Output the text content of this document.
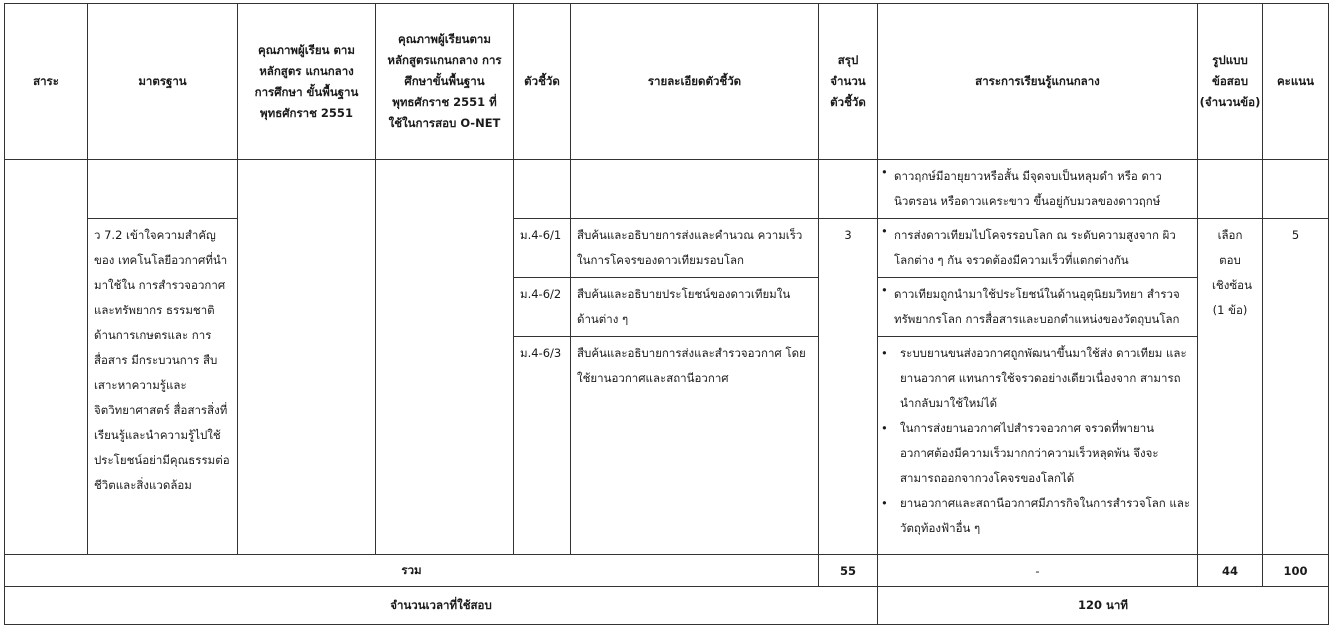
สาระ	มาตรฐาน	คุณภาพผู้เรียน ตามหลักสูตร แกนกลางการศึกษา ขั้นพื้นฐาน พุทธศักราช 2551	คุณภาพผู้เรียนตาม หลักสูตรแกนกลาง การศึกษาขั้นพื้นฐาน พุทธศักราช 2551 ที่ใช้ในการสอบ O-NET	ตัวชี้วัด	รายละเอียดตัวชี้วัด	สรุป จำนวน ตัวชี้วัด	สาระการเรียนรู้แกนกลาง	รูปแบบ ข้อสอบ (จำนวนข้อ)	คะแนน

							• ดาวฤกษ์มีอายุยาวหรือสั้น มีจุดจบเป็นหลุมดำ หรือ ดาวนิวตรอน หรือดาวแคระขาว ขึ้นอยู่กับมวลของดาวฤกษ์

	ว 7.2 เข้าใจความสำคัญของ เทคโนโลยีอวกาศที่นำมาใช้ใน การสำรวจอวกาศและทรัพยากร ธรรมชาติ ด้านการเกษตรและ การสื่อสาร มีกระบวนการ สืบเสาะหาความรู้และ จิตวิทยาศาสตร์ สื่อสารสิ่งที่ เรียนรู้และนำความรู้ไปใช้ ประโยชน์อย่ามีคุณธรรมต่อ ชีวิตและสิ่งแวดล้อม			ม.4-6/1	สืบค้นและอธิบายการส่งและคำนวณ ความเร็วในการโคจรของดาวเทียมรอบโลก	3	• การส่งดาวเทียมไปโคจรรอบโลก ณ ระดับความสูงจาก ผิวโลกต่าง ๆ กัน จรวดต้องมีความเร็วที่แตกต่างกัน	เลือกตอบ เชิงซ้อน (1 ข้อ)	5
				ม.4-6/2	สืบค้นและอธิบายประโยชน์ของดาวเทียมใน ด้านต่าง ๆ		• ดาวเทียมถูกนำมาใช้ประโยชน์ในด้านอุตุนิยมวิทยา สำรวจ ทรัพยากรโลก การสื่อสารและบอกตำแหน่งของวัตถุบนโลก

				ม.4-6/3	สืบค้นและอธิบายการส่งและสำรวจอวกาศ โดยใช้ยานอวกาศและสถานีอวกาศ		• ระบบยานขนส่งอวกาศถูกพัฒนาขึ้นมาใช้ส่ง ดาวเทียม และยานอวกาศ แทนการใช้จรวดอย่างเดียวเนื่องจาก สามารถนำกลับมาใช้ใหม่ได้
• ในการส่งยานอวกาศไปสำรวจอวกาศ จรวดที่พายาน อวกาศต้องมีความเร็วมากกว่าความเร็วหลุดพ้น จึงจะ สามารถออกจากวงโคจรของโลกได้
• ยานอวกาศและสถานีอวกาศมีภารกิจในการสำรวจโลก และวัตถุท้องฟ้าอื่น ๆ

รวม						55	-	44	100
จำนวนเวลาที่ใช้สอบ							120 นาที		
